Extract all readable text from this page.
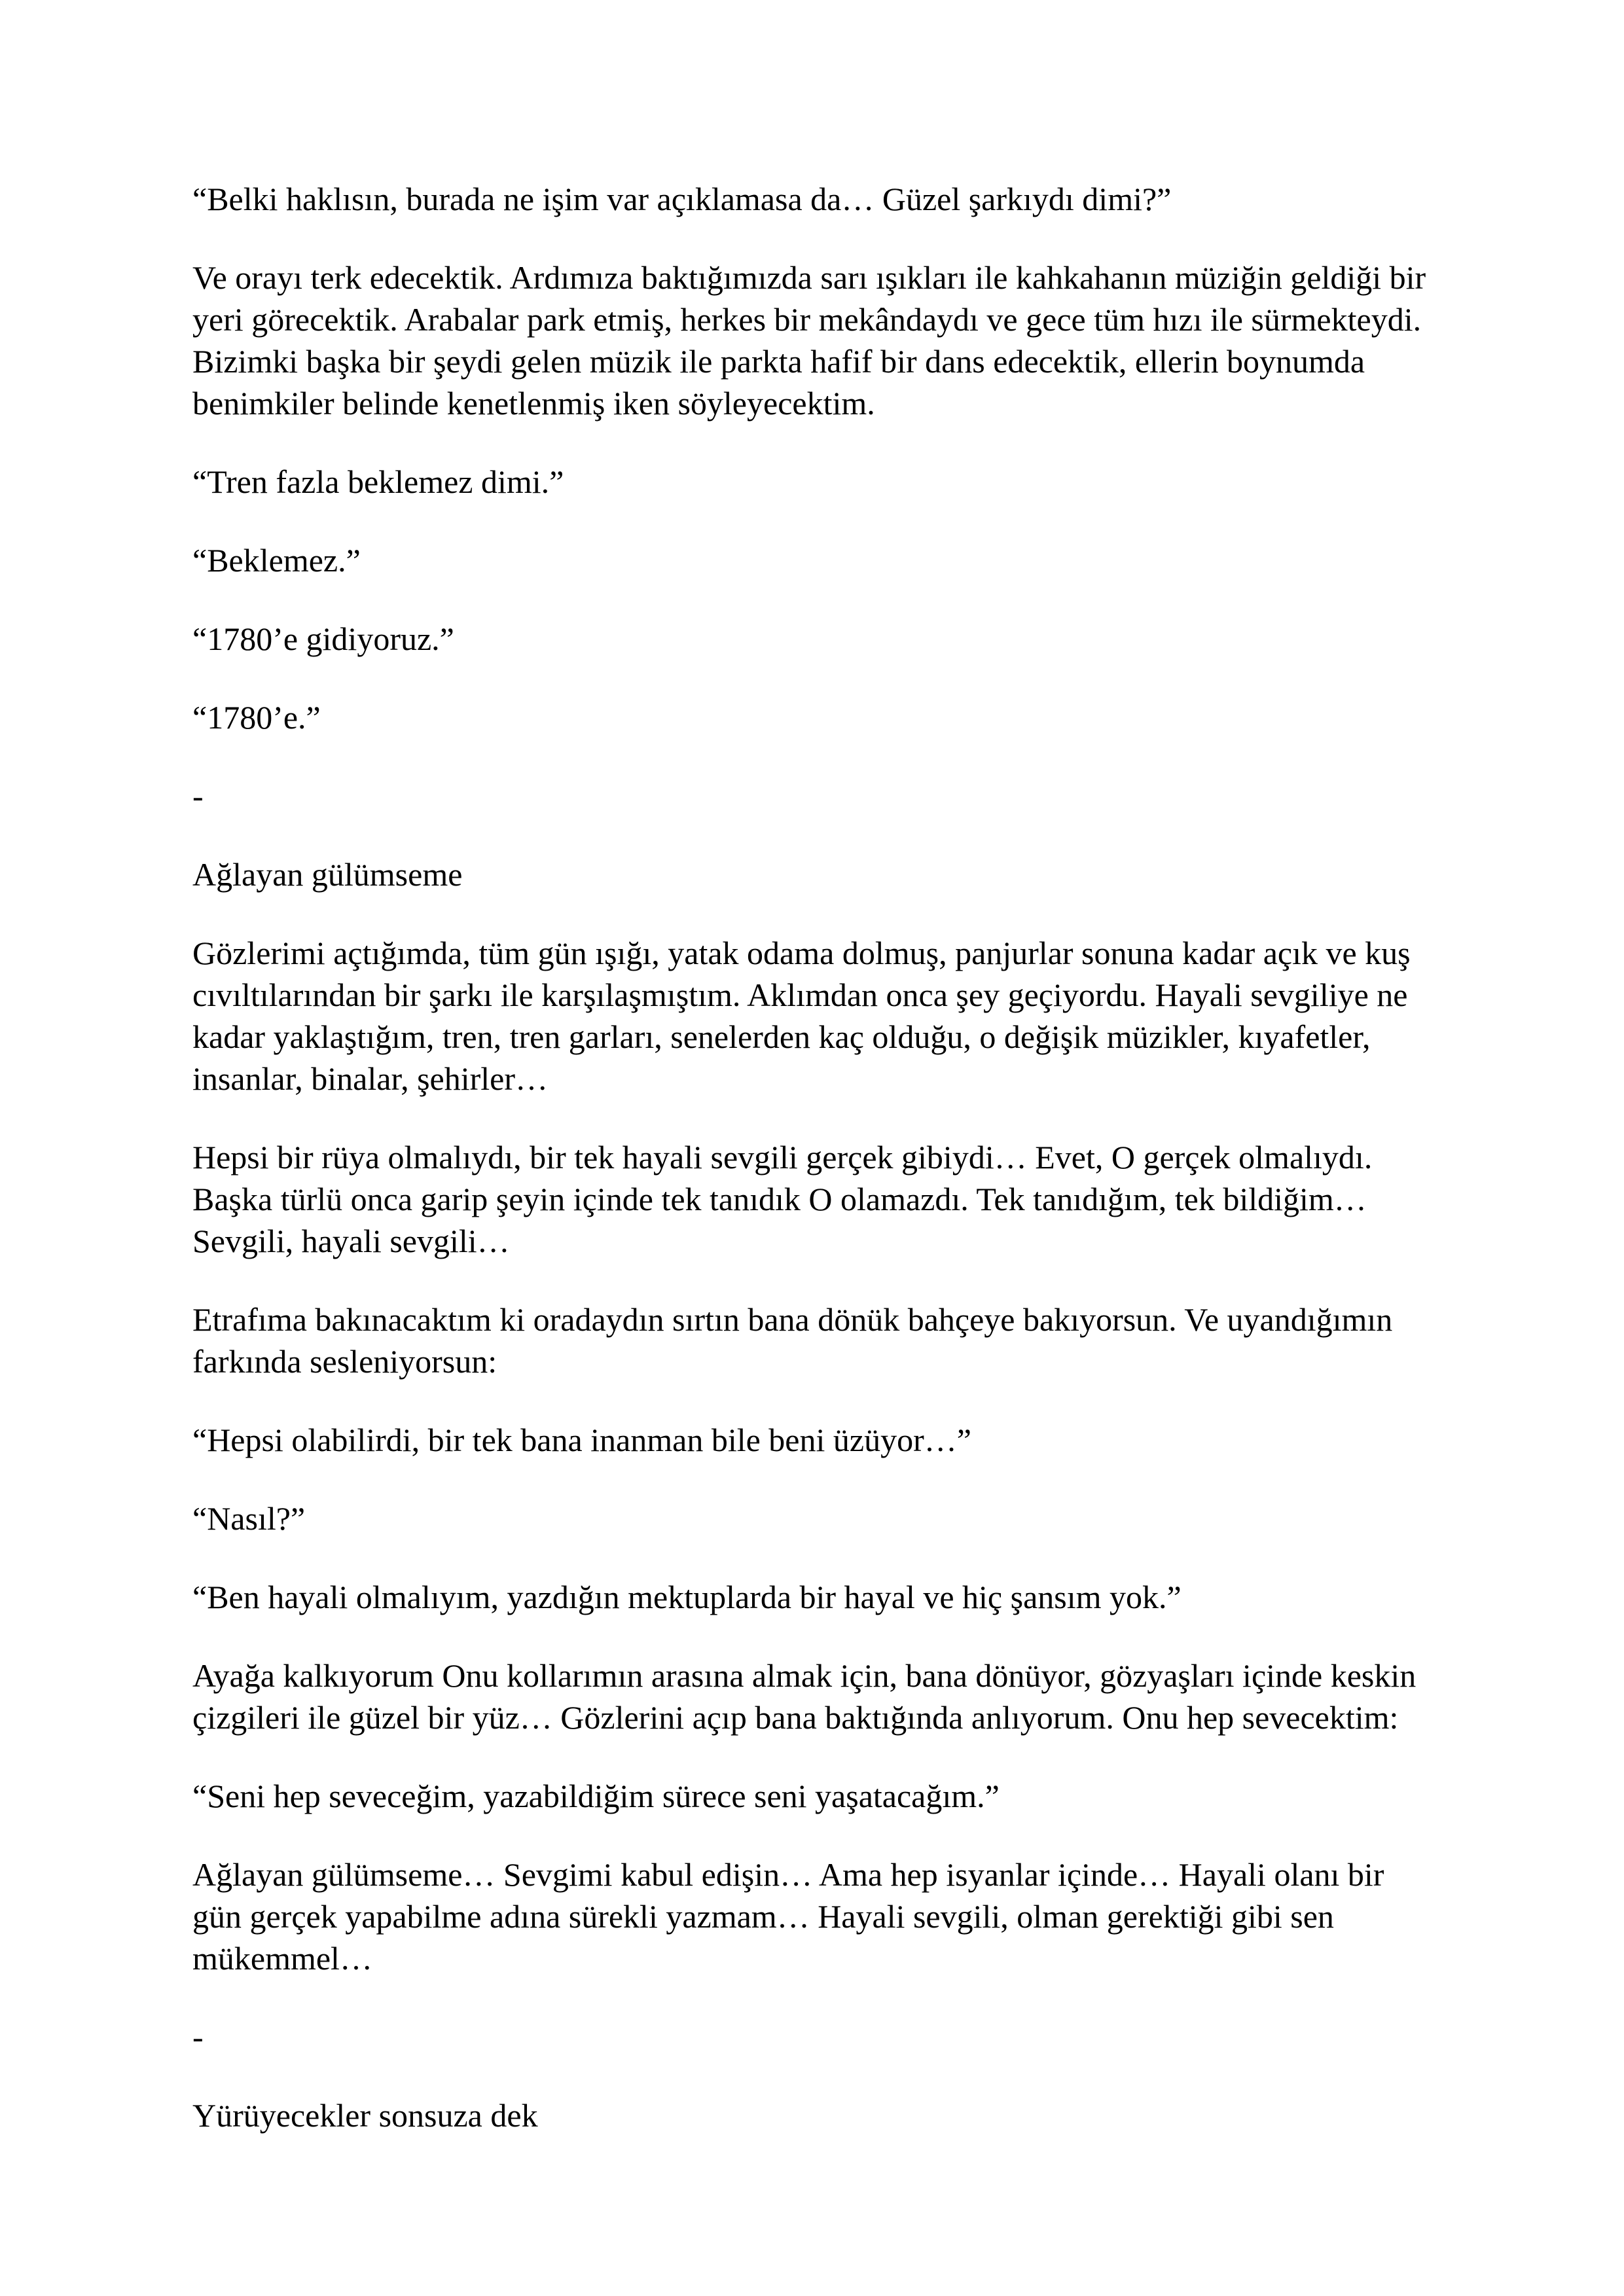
“Belki haklısın, burada ne işim var açıklamasa da… Güzel şarkıydı dimi?”

Ve orayı terk edecektik. Ardımıza baktığımızda sarı ışıkları ile kahkahanın müziğin geldiği bir yeri görecektik. Arabalar park etmiş, herkes bir mekândaydı ve gece tüm hızı ile sürmekteydi. Bizimki başka bir şeydi gelen müzik ile parkta hafif bir dans edecektik, ellerin boynumda benimkiler belinde kenetlenmiş iken söyleyecektim.

“Tren fazla beklemez dimi.”

“Beklemez.”

“1780’e gidiyoruz.”

“1780’e.”

-

Ağlayan gülümseme

Gözlerimi açtığımda, tüm gün ışığı, yatak odama dolmuş, panjurlar sonuna kadar açık ve kuş cıvıltılarından bir şarkı ile karşılaşmıştım. Aklımdan onca şey geçiyordu. Hayali sevgiliye ne kadar yaklaştığım, tren, tren garları, senelerden kaç olduğu, o değişik müzikler, kıyafetler, insanlar, binalar, şehirler…

Hepsi bir rüya olmalıydı, bir tek hayali sevgili gerçek gibiydi… Evet, O gerçek olmalıydı. Başka türlü onca garip şeyin içinde tek tanıdık O olamazdı. Tek tanıdığım, tek bildiğim… Sevgili, hayali sevgili…

Etrafıma bakınacaktım ki oradaydın sırtın bana dönük bahçeye bakıyorsun. Ve uyandığımın farkında sesleniyorsun:

“Hepsi olabilirdi, bir tek bana inanman bile beni üzüyor…”

“Nasıl?”

“Ben hayali olmalıyım, yazdığın mektuplarda bir hayal ve hiç şansım yok.”

Ayağa kalkıyorum Onu kollarımın arasına almak için, bana dönüyor, gözyaşları içinde keskin çizgileri ile güzel bir yüz… Gözlerini açıp bana baktığında anlıyorum. Onu hep sevecektim:

“Seni hep seveceğim, yazabildiğim sürece seni yaşatacağım.”

Ağlayan gülümseme… Sevgimi kabul edişin… Ama hep isyanlar içinde… Hayali olanı bir gün gerçek yapabilme adına sürekli yazmam… Hayali sevgili, olman gerektiği gibi sen mükemmel…

-

Yürüyecekler sonsuza dek
